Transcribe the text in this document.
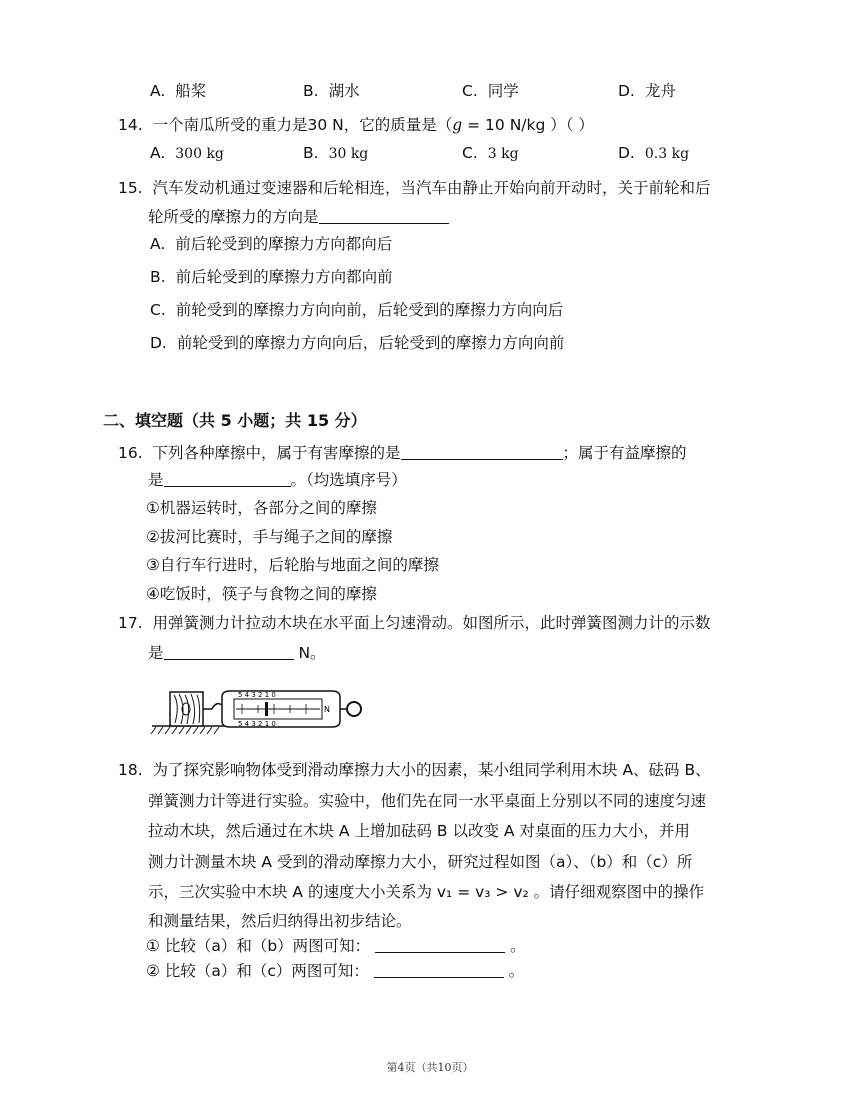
A. 船桨	B. 湖水	C. 同学	D. 龙舟
14. 一个南瓜所受的重力是30 N，它的质量是（g = 10 N/kg ）（ ）
A. 300 kg	B. 30 kg	C. 3 kg	D. 0.3 kg
15. 汽车发动机通过变速器和后轮相连，当汽车由静止开始向前开动时，关于前轮和后
轮所受的摩擦力的方向是
A. 前后轮受到的摩擦力方向都向后
B. 前后轮受到的摩擦力方向都向前
C. 前轮受到的摩擦力方向向前，后轮受到的摩擦力方向向后
D. 前轮受到的摩擦力方向向后，后轮受到的摩擦力方向向前
二、填空题（共 5 小题；共 15 分）
16. 下列各种摩擦中，属于有害摩擦的是	；属于有益摩擦的
是	。（均选填序号）
①机器运转时，各部分之间的摩擦
②拔河比赛时，手与绳子之间的摩擦
③自行车行进时，后轮胎与地面之间的摩擦
④吃饭时，筷子与食物之间的摩擦
17. 用弹簧测力计拉动木块在水平面上匀速滑动。如图所示，此时弹簧图测力计的示数
是	N。
5 4 3 2 1 0
5 4 3 2 1 0
N
18. 为了探究影响物体受到滑动摩擦力大小的因素，某小组同学利用木块 A、砝码 B、
弹簧测力计等进行实验。实验中，他们先在同一水平桌面上分别以不同的速度匀速
拉动木块，然后通过在木块 A 上增加砝码 B 以改变 A 对桌面的压力大小，并用
测力计测量木块 A 受到的滑动摩擦力大小，研究过程如图（a）、（b）和（c）所
示，三次实验中木块 A 的速度大小关系为 v₁ = v₃ > v₂ 。请仔细观察图中的操作
和测量结果，然后归纳得出初步结论。
① 比较（a）和（b）两图可知：	。
② 比较（a）和（c）两图可知：	。
第4页（共10页）
